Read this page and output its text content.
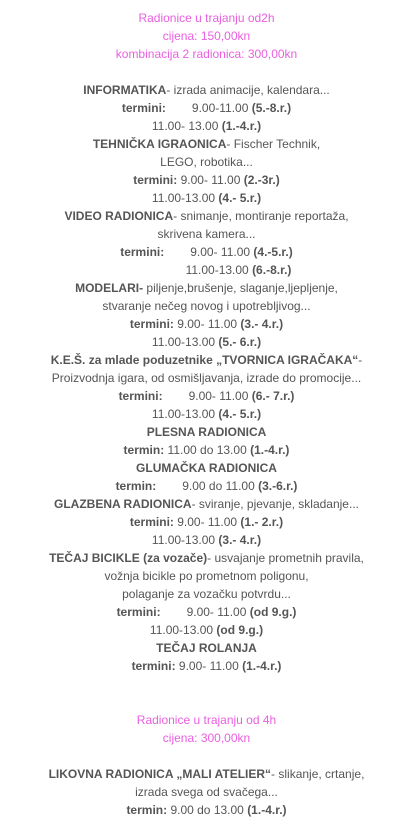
Radionice u trajanju od2h
cijena: 150,00kn
kombinacija 2 radionica: 300,00kn
INFORMATIKA- izrada animacije, kalendara...
termini: 9.00-11.00 (5.-8.r.)
11.00- 13.00 (1.-4.r.)
TEHNIČKA IGRAONICA- Fischer Technik,
LEGO, robotika...
termini: 9.00- 11.00 (2.-3r.)
11.00-13.00 (4.- 5.r.)
VIDEO RADIONICA- snimanje, montiranje reportaža,
skrivena kamera...
termini: 9.00- 11.00 (4.-5.r.)
11.00-13.00 (6.-8.r.)
MODELARI- piljenje,brušenje, slaganje,ljepljenje,
stvaranje nečeg novog i upotrebljivog...
termini: 9.00- 11.00 (3.- 4.r.)
11.00-13.00 (5.- 6.r.)
K.E.Š. za mlade poduzetnike „TVORNICA IGRAČAKA“-
Proizvodnja igara, od osmišljavanja, izrade do promocije...
termini: 9.00- 11.00 (6.- 7.r.)
11.00-13.00 (4.- 5.r.)
PLESNA RADIONICA
termin: 11.00 do 13.00 (1.-4.r.)
GLUMAČKA RADIONICA
termin: 9.00 do 11.00 (3.-6.r.)
GLAZBENA RADIONICA- sviranje, pjevanje, skladanje...
termini: 9.00- 11.00 (1.- 2.r.)
11.00-13.00 (3.- 4.r.)
TEČAJ BICIKLE (za vozače)- usvajanje prometnih pravila,
vožnja bicikle po prometnom poligonu,
polaganje za vozačku potvrdu...
termini: 9.00- 11.00 (od 9.g.)
11.00-13.00 (od 9.g.)
TEČAJ ROLANJA
termini: 9.00- 11.00 (1.-4.r.)
Radionice u trajanju od 4h
cijena: 300,00kn
LIKOVNA RADIONICA „MALI ATELIER“- slikanje, crtanje,
izrada svega od svačega...
termin: 9.00 do 13.00 (1.-4.r.)
